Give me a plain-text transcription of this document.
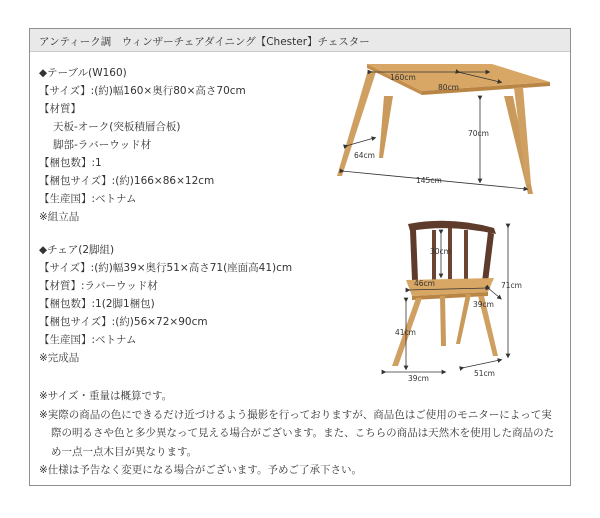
アンティーク調　ウィンザーチェアダイニング【Chester】チェスター
◆テーブル(W160)
【サイズ】:(約)幅160×奥行80×高さ70cm
【材質】
天板-オーク(突板積層合板)
脚部-ラバーウッド材
【梱包数】:1
【梱包サイズ】:(約)166×86×12cm
【生産国】:ベトナム
※組立品
◆チェア(2脚組)
【サイズ】:(約)幅39×奥行51×高さ71(座面高41)cm
【材質】:ラバーウッド材
【梱包数】:1(2脚1梱包)
【梱包サイズ】:(約)56×72×90cm
【生産国】:ベトナム
※完成品

※サイズ・重量は概算です。

※実際の商品の色にできるだけ近づけるよう撮影を行っておりますが、商品色はご使用のモニターによって実

際の明るさや色と多少異なって見える場合がございます。また、こちらの商品は天然木を使用した商品のた

め一点一点木目が異なります。

※仕様は予告なく変更になる場合がございます。予めご了承下さい。

160cm
80cm
70cm
64cm
145cm
30cm
46cm	71cm
39cm
41cm
39cm
51cm
